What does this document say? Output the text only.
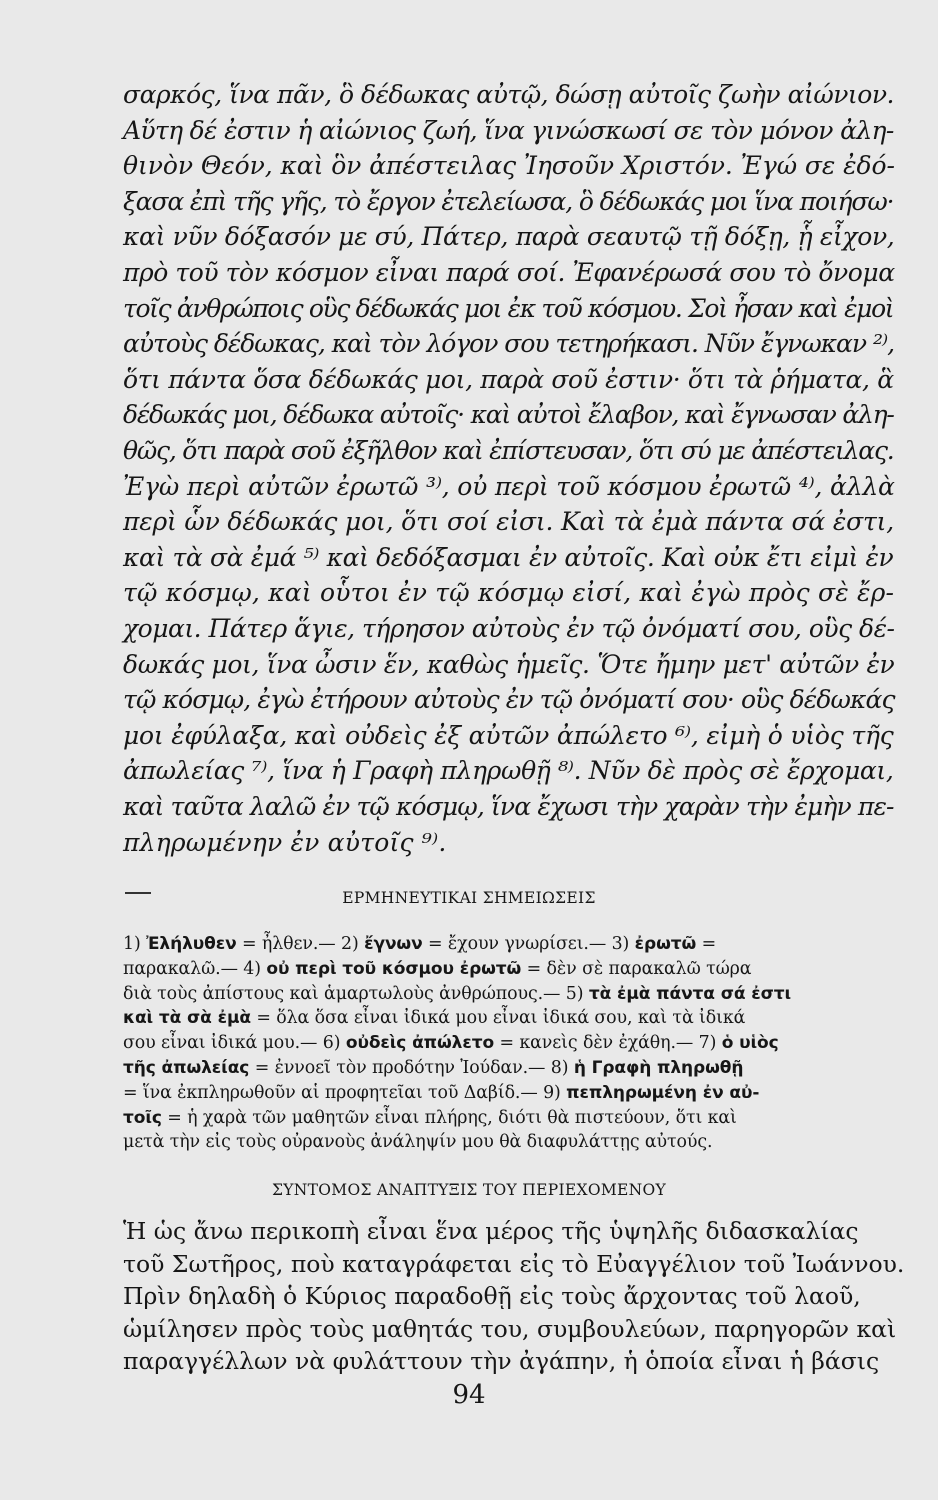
σαρκός, ἵνα πᾶν, ὃ δέδωκας αὐτῷ, δώσῃ αὐτοῖς ζωὴν αἰώνιον.
Αὕτη δέ ἐστιν ἡ αἰώνιος ζωή, ἵνα γινώσκωσί σε τὸν μόνον ἀλη-
θινὸν Θεόν, καὶ ὃν ἀπέστειλας Ἰησοῦν Χριστόν. Ἐγώ σε ἐδό-
ξασα ἐπὶ τῆς γῆς, τὸ ἔργον ἐτελείωσα, ὃ δέδωκάς μοι ἵνα ποιήσω·
καὶ νῦν δόξασόν με σύ, Πάτερ, παρὰ σεαυτῷ τῇ δόξῃ, ᾗ εἶχον,
πρὸ τοῦ τὸν κόσμον εἶναι παρά σοί. Ἐφανέρωσά σου τὸ ὄνομα
τοῖς ἀνθρώποις οὓς δέδωκάς μοι ἐκ τοῦ κόσμου. Σοὶ ἦσαν καὶ ἐμοὶ
αὐτοὺς δέδωκας, καὶ τὸν λόγον σου τετηρήκασι. Νῦν ἔγνωκαν ²⁾,
ὅτι πάντα ὅσα δέδωκάς μοι, παρὰ σοῦ ἐστιν· ὅτι τὰ ῥήματα, ἃ
δέδωκάς μοι, δέδωκα αὐτοῖς· καὶ αὐτοὶ ἔλαβον, καὶ ἔγνωσαν ἀλη-
θῶς, ὅτι παρὰ σοῦ ἐξῆλθον καὶ ἐπίστευσαν, ὅτι σύ με ἀπέστειλας.
Ἐγὼ περὶ αὐτῶν ἐρωτῶ ³⁾, οὐ περὶ τοῦ κόσμου ἐρωτῶ ⁴⁾, ἀλλὰ
περὶ ὧν δέδωκάς μοι, ὅτι σοί εἰσι. Καὶ τὰ ἐμὰ πάντα σά ἐστι,
καὶ τὰ σὰ ἐμά ⁵⁾ καὶ δεδόξασμαι ἐν αὐτοῖς. Καὶ οὐκ ἔτι εἰμὶ ἐν
τῷ κόσμῳ, καὶ οὗτοι ἐν τῷ κόσμῳ εἰσί, καὶ ἐγὼ πρὸς σὲ ἔρ-
χομαι. Πάτερ ἅγιε, τήρησον αὐτοὺς ἐν τῷ ὀνόματί σου, οὓς δέ-
δωκάς μοι, ἵνα ὦσιν ἕν, καθὼς ἡμεῖς. Ὅτε ἤμην μετ' αὐτῶν ἐν
τῷ κόσμῳ, ἐγὼ ἐτήρουν αὐτοὺς ἐν τῷ ὀνόματί σου· οὓς δέδωκάς
μοι ἐφύλαξα, καὶ οὐδεὶς ἐξ αὐτῶν ἀπώλετο ⁶⁾, εἰμὴ ὁ υἱὸς τῆς
ἀπωλείας ⁷⁾, ἵνα ἡ Γραφὴ πληρωθῇ ⁸⁾. Νῦν δὲ πρὸς σὲ ἔρχομαι,
καὶ ταῦτα λαλῶ ἐν τῷ κόσμῳ, ἵνα ἔχωσι τὴν χαρὰν τὴν ἐμὴν πε-
πληρωμένην ἐν αὐτοῖς ⁹⁾.
ΕΡΜΗΝΕΥΤΙΚΑΙ ΣΗΜΕΙΩΣΕΙΣ
1) Ἐλήλυθεν = ἦλθεν.— 2) ἔγνων = ἔχουν γνωρίσει.— 3) ἐρωτῶ =
παρακαλῶ.— 4) οὐ περὶ τοῦ κόσμου ἐρωτῶ = δὲν σὲ παρακαλῶ τώρα
διὰ τοὺς ἀπίστους καὶ ἁμαρτωλοὺς ἀνθρώπους.— 5) τὰ ἐμὰ πάντα σά ἐστι
καὶ τὰ σὰ ἐμὰ = ὅλα ὅσα εἶναι ἰδικά μου εἶναι ἰδικά σου, καὶ τὰ ἰδικά
σου εἶναι ἰδικά μου.— 6) οὐδεὶς ἀπώλετο = κανεὶς δὲν ἐχάθη.— 7) ὁ υἱὸς
τῆς ἀπωλείας = ἐννοεῖ τὸν προδότην Ἰούδαν.— 8) ἡ Γραφὴ πληρωθῇ
= ἵνα ἐκπληρωθοῦν αἱ προφητεῖαι τοῦ Δαβίδ.— 9) πεπληρωμένη ἐν αὐ-
τοῖς = ἡ χαρὰ τῶν μαθητῶν εἶναι πλήρης, διότι θὰ πιστεύουν, ὅτι καὶ
μετὰ τὴν εἰς τοὺς οὐρανοὺς ἀνάληψίν μου θὰ διαφυλάττῃς αὐτούς.
ΣΥΝΤΟΜΟΣ ΑΝΑΠΤΥΞΙΣ ΤΟΥ ΠΕΡΙΕΧΟΜΕΝΟΥ
Ἡ ὡς ἄνω περικοπὴ εἶναι ἕνα μέρος τῆς ὑψηλῆς διδασκαλίας
τοῦ Σωτῆρος, ποὺ καταγράφεται εἰς τὸ Εὐαγγέλιον τοῦ Ἰωάννου.
Πρὶν δηλαδὴ ὁ Κύριος παραδοθῇ εἰς τοὺς ἄρχοντας τοῦ λαοῦ,
ὡμίλησεν πρὸς τοὺς μαθητάς του, συμβουλεύων, παρηγορῶν καὶ
παραγγέλλων νὰ φυλάττουν τὴν ἀγάπην, ἡ ὁποία εἶναι ἡ βάσις
94
